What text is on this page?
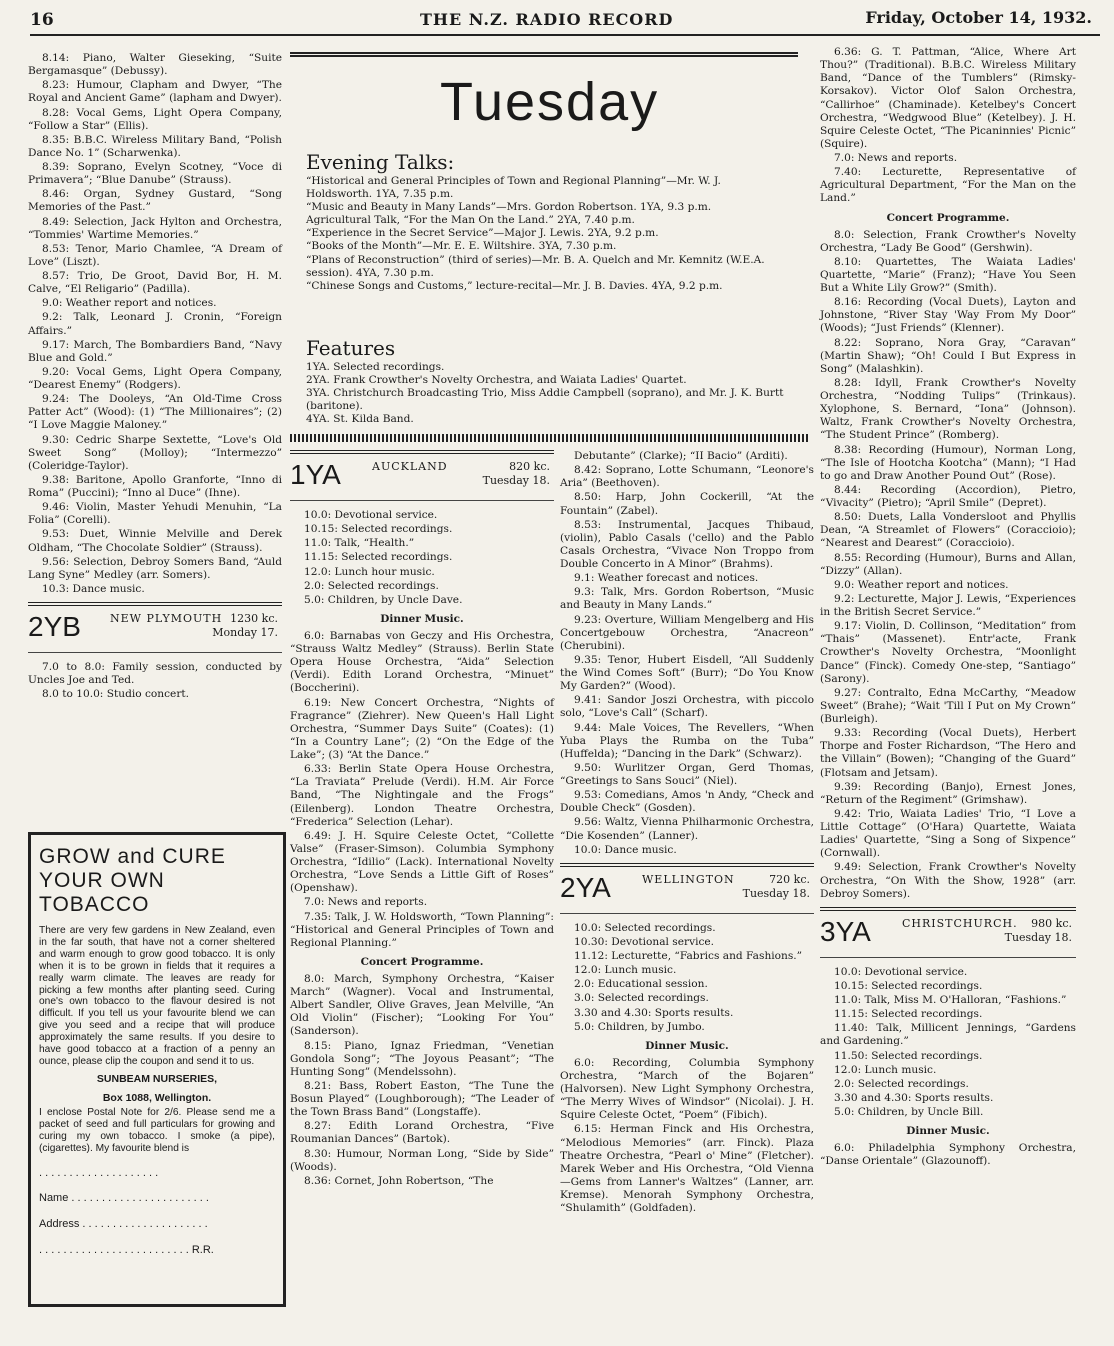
16	THE N.Z. RADIO RECORD	Friday, October 14, 1932.

8.14: Piano, Walter Gieseking, “Suite Bergamasque” (Debussy).

8.23: Humour, Clapham and Dwyer, “The Royal and Ancient Game” (lapham and Dwyer).

8.28: Vocal Gems, Light Opera Company, “Follow a Star” (Ellis).

8.35: B.B.C. Wireless Military Band, “Polish Dance No. 1” (Scharwenka).

8.39: Soprano, Evelyn Scotney, “Voce di Primavera”; “Blue Danube” (Strauss).

8.46: Organ, Sydney Gustard, “Song Memories of the Past.”

8.49: Selection, Jack Hylton and Orchestra, “Tommies' Wartime Memories.”

8.53: Tenor, Mario Chamlee, “A Dream of Love” (Liszt).

8.57: Trio, De Groot, David Bor, H. M. Calve, “El Religario” (Padilla).

9.0: Weather report and notices.

9.2: Talk, Leonard J. Cronin, “Foreign Affairs.”

9.17: March, The Bombardiers Band, “Navy Blue and Gold.”

9.20: Vocal Gems, Light Opera Company, “Dearest Enemy” (Rodgers).

9.24: The Dooleys, “An Old-Time Cross Patter Act” (Wood): (1) “The Millionaires”; (2) “I Love Maggie Maloney.”

9.30: Cedric Sharpe Sextette, “Love's Old Sweet Song” (Molloy); “Intermezzo” (Coleridge-Taylor).

9.38: Baritone, Apollo Granforte, “Inno di Roma” (Puccini); “Inno al Duce” (Ihne).

9.46: Violin, Master Yehudi Menuhin, “La Folia” (Corelli).

9.53: Duet, Winnie Melville and Derek Oldham, “The Chocolate Soldier” (Strauss).

9.56: Selection, Debroy Somers Band, “Auld Lang Syne” Medley (arr. Somers).

10.3: Dance music.

2YB	NEW PLYMOUTH 1230 kc.
Monday 17.

7.0 to 8.0: Family session, conducted by Uncles Joe and Ted.

8.0 to 10.0: Studio concert.

GROW and CURE
YOUR OWN
TOBACCO
There are very few gardens in New Zealand, even in the far south, that have not a corner sheltered and warm enough to grow good tobacco. It is only when it is to be grown in fields that it requires a really warm climate. The leaves are ready for picking a few months after planting seed. Curing one's own tobacco to the flavour desired is not difficult. If you tell us your favourite blend we can give you seed and a recipe that will produce approximately the same results. If you desire to have good tobacco at a fraction of a penny an ounce, please clip the coupon and send it to us.
SUNBEAM NURSERIES,
Box 1088, Wellington.
I enclose Postal Note for 2/6. Please send me a packet of seed and full particulars for growing and curing my own tobacco. I smoke (a pipe), (cigarettes). My favourite blend is
. . . . . . . . . . . . . . . . . . . .
Name . . . . . . . . . . . . . . . . . . . . . . .
Address . . . . . . . . . . . . . . . . . . . . .
. . . . . . . . . . . . . . . . . . . . . . . . . R.R.
Tuesday
Evening Talks:

“Historical and General Principles of Town and Regional Planning”—Mr. W. J. Holdsworth. 1YA, 7.35 p.m.

“Music and Beauty in Many Lands”—Mrs. Gordon Robertson. 1YA, 9.3 p.m.

Agricultural Talk, “For the Man On the Land.” 2YA, 7.40 p.m.

“Experience in the Secret Service”—Major J. Lewis. 2YA, 9.2 p.m.

“Books of the Month”—Mr. E. E. Wiltshire. 3YA, 7.30 p.m.

“Plans of Reconstruction” (third of series)—Mr. B. A. Quelch and Mr. Kemnitz (W.E.A. session). 4YA, 7.30 p.m.

“Chinese Songs and Customs,” lecture-recital—Mr. J. B. Davies. 4YA, 9.2 p.m.

Features

1YA. Selected recordings.

2YA. Frank Crowther's Novelty Orchestra, and Waiata Ladies' Quartet.

3YA. Christchurch Broadcasting Trio, Miss Addie Campbell (soprano), and Mr. J. K. Burtt (baritone).

4YA. St. Kilda Band.

1YA	AUCKLAND	820 kc.
Tuesday 18.

10.0: Devotional service.

10.15: Selected recordings.

11.0: Talk, “Health.”

11.15: Selected recordings.

12.0: Lunch hour music.

2.0: Selected recordings.

5.0: Children, by Uncle Dave.

Dinner Music.

6.0: Barnabas von Geczy and His Orchestra, “Strauss Waltz Medley” (Strauss). Berlin State Opera House Orchestra, “Aida” Selection (Verdi). Edith Lorand Orchestra, “Minuet” (Boccherini).

6.19: New Concert Orchestra, “Nights of Fragrance” (Ziehrer). New Queen's Hall Light Orchestra, “Summer Days Suite” (Coates): (1) “In a Country Lane”; (2) “On the Edge of the Lake”; (3) “At the Dance.”

6.33: Berlin State Opera House Orchestra, “La Traviata” Prelude (Verdi). H.M. Air Force Band, “The Nightingale and the Frogs” (Eilenberg). London Theatre Orchestra, “Frederica” Selection (Lehar).

6.49: J. H. Squire Celeste Octet, “Collette Valse” (Fraser-Simson). Columbia Symphony Orchestra, “Idilio” (Lack). International Novelty Orchestra, “Love Sends a Little Gift of Roses” (Openshaw).

7.0: News and reports.

7.35: Talk, J. W. Holdsworth, “Town Planning”: “Historical and General Principles of Town and Regional Planning.”

Concert Programme.

8.0: March, Symphony Orchestra, “Kaiser March” (Wagner). Vocal and Instrumental, Albert Sandler, Olive Graves, Jean Melville, “An Old Violin” (Fischer); “Looking For You” (Sanderson).

8.15: Piano, Ignaz Friedman, “Venetian Gondola Song”; “The Joyous Peasant”; “The Hunting Song” (Mendelssohn).

8.21: Bass, Robert Easton, “The Tune the Bosun Played” (Loughborough); “The Leader of the Town Brass Band” (Longstaffe).

8.27: Edith Lorand Orchestra, “Five Roumanian Dances” (Bartok).

8.30: Humour, Norman Long, “Side by Side” (Woods).

8.36: Cornet, John Robertson, “The

Debutante” (Clarke); “II Bacio” (Arditi).

8.42: Soprano, Lotte Schumann, “Leonore's Aria” (Beethoven).

8.50: Harp, John Cockerill, “At the Fountain” (Zabel).

8.53: Instrumental, Jacques Thibaud, (violin), Pablo Casals ('cello) and the Pablo Casals Orchestra, “Vivace Non Troppo from Double Concerto in A Minor” (Brahms).

9.1: Weather forecast and notices.

9.3: Talk, Mrs. Gordon Robertson, “Music and Beauty in Many Lands.”

9.23: Overture, William Mengelberg and His Concertgebouw Orchestra, “Anacreon” (Cherubini).

9.35: Tenor, Hubert Eisdell, “All Suddenly the Wind Comes Soft” (Burr); “Do You Know My Garden?” (Wood).

9.41: Sandor Joszi Orchestra, with piccolo solo, “Love's Call” (Scharf).

9.44: Male Voices, The Revellers, “When Yuba Plays the Rumba on the Tuba” (Huffelda); “Dancing in the Dark” (Schwarz).

9.50: Wurlitzer Organ, Gerd Thomas, “Greetings to Sans Souci” (Niel).

9.53: Comedians, Amos 'n Andy, “Check and Double Check” (Gosden).

9.56: Waltz, Vienna Philharmonic Orchestra, “Die Kosenden” (Lanner).

10.0: Dance music.

2YA	WELLINGTON	720 kc.
Tuesday 18.

10.0: Selected recordings.

10.30: Devotional service.

11.12: Lecturette, “Fabrics and Fashions.”

12.0: Lunch music.

2.0: Educational session.

3.0: Selected recordings.

3.30 and 4.30: Sports results.

5.0: Children, by Jumbo.

Dinner Music.

6.0: Recording, Columbia Symphony Orchestra, “March of the Bojaren” (Halvorsen). New Light Symphony Orchestra, “The Merry Wives of Windsor” (Nicolai). J. H. Squire Celeste Octet, “Poem” (Fibich).

6.15: Herman Finck and His Orchestra, “Melodious Memories” (arr. Finck). Plaza Theatre Orchestra, “Pearl o' Mine” (Fletcher). Marek Weber and His Orchestra, “Old Vienna—Gems from Lanner's Waltzes” (Lanner, arr. Kremse). Menorah Symphony Orchestra, “Shulamith” (Goldfaden).

6.36: G. T. Pattman, “Alice, Where Art Thou?” (Traditional). B.B.C. Wireless Military Band, “Dance of the Tumblers” (Rimsky-Korsakov). Victor Olof Salon Orchestra, “Callirhoe” (Chaminade). Ketelbey's Concert Orchestra, “Wedgwood Blue” (Ketelbey). J. H. Squire Celeste Octet, “The Picaninnies' Picnic” (Squire).

7.0: News and reports.

7.40: Lecturette, Representative of Agricultural Department, “For the Man on the Land.”

Concert Programme.

8.0: Selection, Frank Crowther's Novelty Orchestra, “Lady Be Good” (Gershwin).

8.10: Quartettes, The Waiata Ladies' Quartette, “Marie” (Franz); “Have You Seen But a White Lily Grow?” (Smith).

8.16: Recording (Vocal Duets), Layton and Johnstone, “River Stay 'Way From My Door” (Woods); “Just Friends” (Klenner).

8.22: Soprano, Nora Gray, “Caravan” (Martin Shaw); “Oh! Could I But Express in Song” (Malashkin).

8.28: Idyll, Frank Crowther's Novelty Orchestra, “Nodding Tulips” (Trinkaus). Xylophone, S. Bernard, “Iona” (Johnson). Waltz, Frank Crowther's Novelty Orchestra, “The Student Prince” (Romberg).

8.38: Recording (Humour), Norman Long, “The Isle of Hootcha Kootcha” (Mann); “I Had to go and Draw Another Pound Out” (Rose).

8.44: Recording (Accordion), Pietro, “Vivacity” (Pietro); “April Smile” (Depret).

8.50: Duets, Lalla Vondersloot and Phyllis Dean, “A Streamlet of Flowers” (Coraccioio); “Nearest and Dearest” (Coraccioio).

8.55: Recording (Humour), Burns and Allan, “Dizzy” (Allan).

9.0: Weather report and notices.

9.2: Lecturette, Major J. Lewis, “Experiences in the British Secret Service.”

9.17: Violin, D. Collinson, “Meditation” from “Thais” (Massenet). Entr'acte, Frank Crowther's Novelty Orchestra, “Moonlight Dance” (Finck). Comedy One-step, “Santiago” (Sarony).

9.27: Contralto, Edna McCarthy, “Meadow Sweet” (Brahe); “Wait 'Till I Put on My Crown” (Burleigh).

9.33: Recording (Vocal Duets), Herbert Thorpe and Foster Richardson, “The Hero and the Villain” (Bowen); “Changing of the Guard” (Flotsam and Jetsam).

9.39: Recording (Banjo), Ernest Jones, “Return of the Regiment” (Grimshaw).

9.42: Trio, Waiata Ladies' Trio, “I Love a Little Cottage” (O'Hara) Quartette, Waiata Ladies' Quartette, “Sing a Song of Sixpence” (Cornwall).

9.49: Selection, Frank Crowther's Novelty Orchestra, “On With the Show, 1928” (arr. Debroy Somers).

3YA	CHRISTCHURCH. 980 kc.
Tuesday 18.

10.0: Devotional service.

10.15: Selected recordings.

11.0: Talk, Miss M. O'Halloran, “Fashions.”

11.15: Selected recordings.

11.40: Talk, Millicent Jennings, “Gardens and Gardening.”

11.50: Selected recordings.

12.0: Lunch music.

2.0: Selected recordings.

3.30 and 4.30: Sports results.

5.0: Children, by Uncle Bill.

Dinner Music.

6.0: Philadelphia Symphony Orchestra, “Danse Orientale” (Glazounoff).
